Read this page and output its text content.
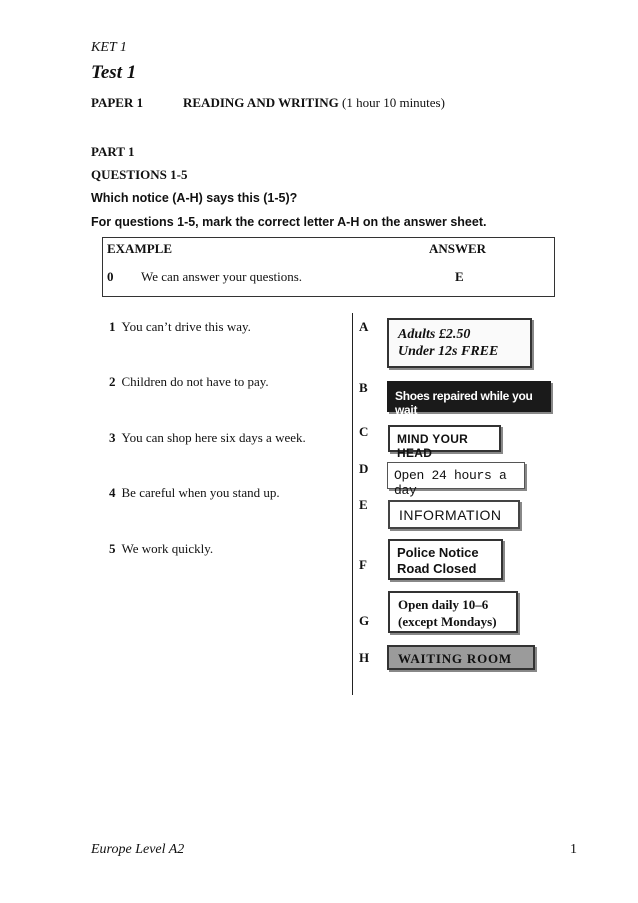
KET 1
Test 1
PAPER 1	READING AND WRITING (1 hour 10 minutes)
PART 1
QUESTIONS 1-5
Which notice (A-H) says this (1-5)?
For questions 1-5, mark the correct letter A-H on the answer sheet.
EXAMPLE	ANSWER
0 We can answer your questions.	E
1 You can’t drive this way.
2 Children do not have to pay.
3 You can shop here six days a week.
4 Be careful when you stand up.
5 We work quickly.
A
B
C
D
E
F
G
H
Adults £2.50
Under 12s FREE
Shoes repaired while you wait
MIND YOUR HEAD
Open 24 hours a day
INFORMATION
Police Notice
Road Closed
Open daily 10–6
(except Mondays)
WAITING ROOM
Europe Level A2	1
